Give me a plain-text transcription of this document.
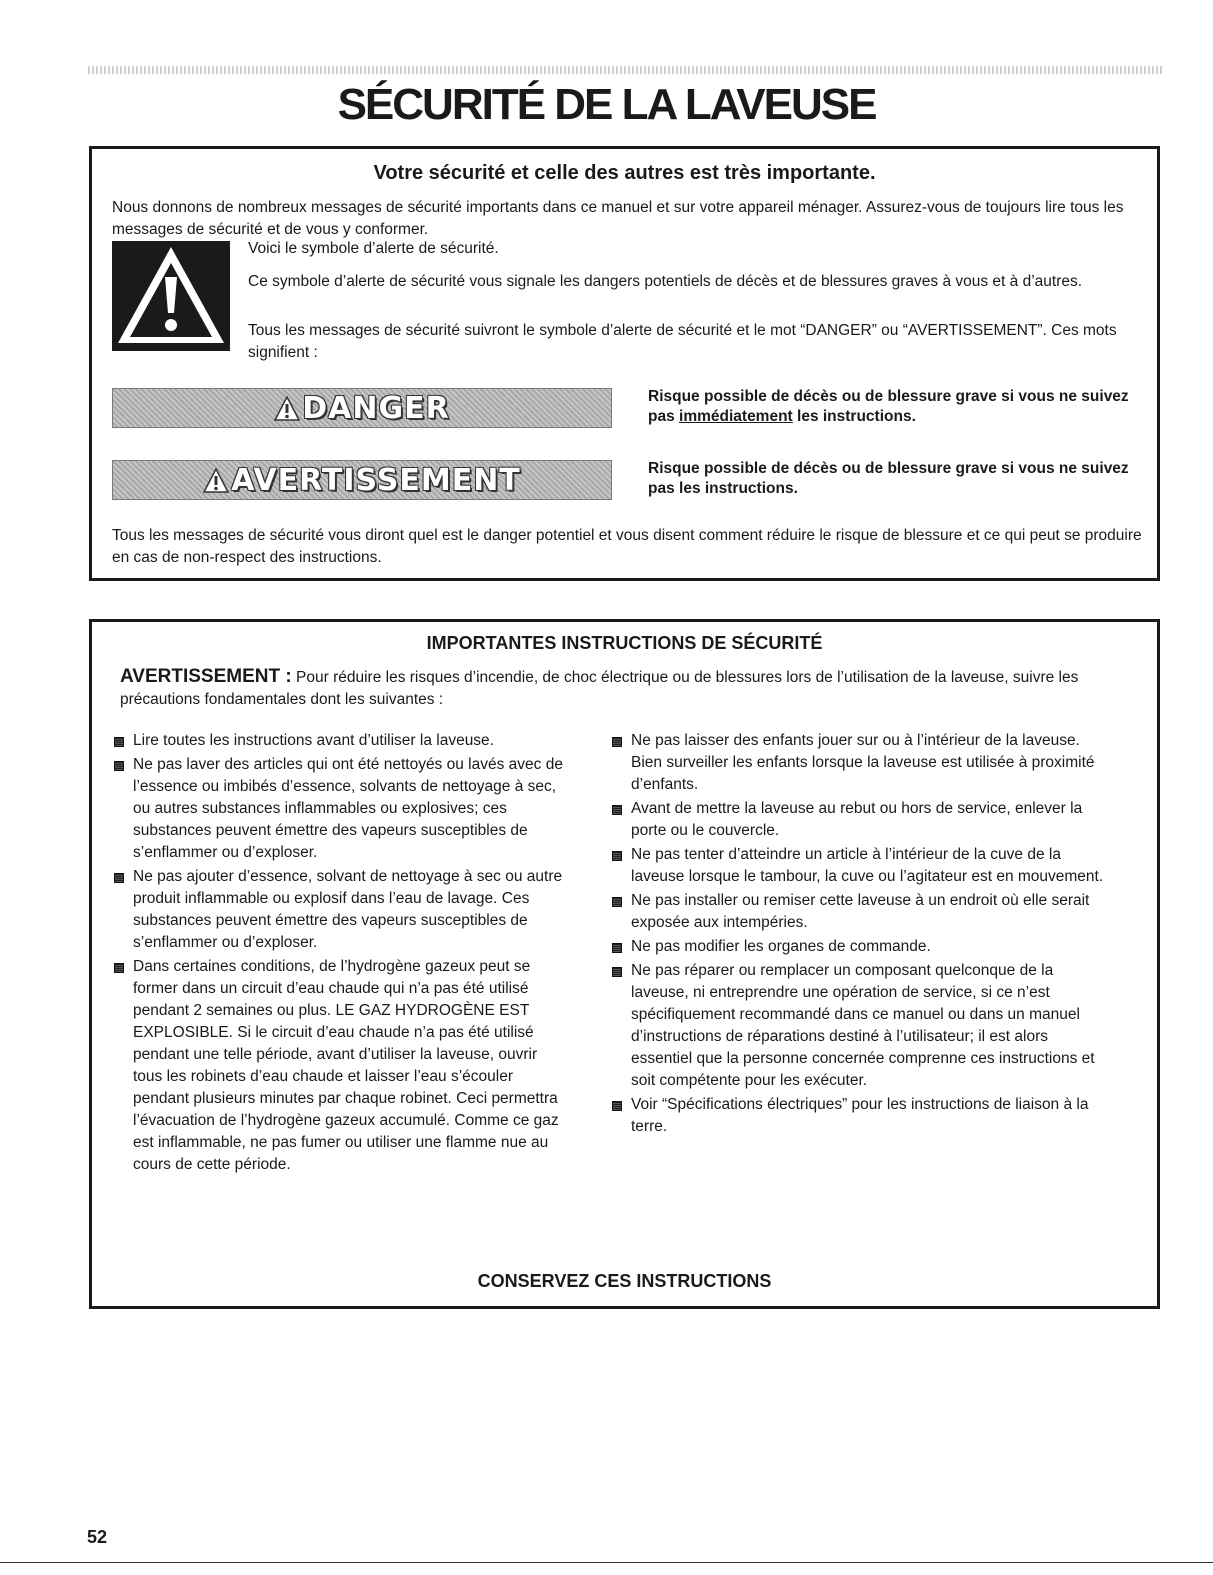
SÉCURITÉ DE LA LAVEUSE
Votre sécurité et celle des autres est très importante.

Nous donnons de nombreux messages de sécurité importants dans ce manuel et sur votre appareil ménager. Assurez-vous de toujours lire tous les messages de sécurité et de vous y conformer.

Voici le symbole d’alerte de sécurité.

Ce symbole d’alerte de sécurité vous signale les dangers potentiels de décès et de blessures graves à vous et à d’autres.

Tous les messages de sécurité suivront le symbole d’alerte de sécurité et le mot “DANGER” ou “AVERTISSEMENT”. Ces mots signifient :

DANGER	Risque possible de décès ou de blessure grave si vous ne suivez pas immédiatement les instructions.

AVERTISSEMENT	Risque possible de décès ou de blessure grave si vous ne suivez pas les instructions.

Tous les messages de sécurité vous diront quel est le danger potentiel et vous disent comment réduire le risque de blessure et ce qui peut se produire en cas de non-respect des instructions.

IMPORTANTES INSTRUCTIONS DE SÉCURITÉ

AVERTISSEMENT : Pour réduire les risques d’incendie, de choc électrique ou de blessures lors de l’utilisation de la laveuse, suivre les précautions fondamentales dont les suivantes :

Lire toutes les instructions avant d’utiliser la laveuse.
Ne pas laver des articles qui ont été nettoyés ou lavés avec de l’essence ou imbibés d’essence, solvants de nettoyage à sec, ou autres substances inflammables ou explosives; ces substances peuvent émettre des vapeurs susceptibles de s’enflammer ou d’exploser.
Ne pas ajouter d’essence, solvant de nettoyage à sec ou autre produit inflammable ou explosif dans l’eau de lavage. Ces substances peuvent émettre des vapeurs susceptibles de s’enflammer ou d’exploser.
Dans certaines conditions, de l’hydrogène gazeux peut se former dans un circuit d’eau chaude qui n’a pas été utilisé pendant 2 semaines ou plus. LE GAZ HYDROGÈNE EST EXPLOSIBLE. Si le circuit d’eau chaude n’a pas été utilisé pendant une telle période, avant d’utiliser la laveuse, ouvrir tous les robinets d’eau chaude et laisser l’eau s’écouler pendant plusieurs minutes par chaque robinet. Ceci permettra l’évacuation de l’hydrogène gazeux accumulé. Comme ce gaz est inflammable, ne pas fumer ou utiliser une flamme nue au cours de cette période.
Ne pas laisser des enfants jouer sur ou à l’intérieur de la laveuse. Bien surveiller les enfants lorsque la laveuse est utilisée à proximité d’enfants.
Avant de mettre la laveuse au rebut ou hors de service, enlever la porte ou le couvercle.
Ne pas tenter d’atteindre un article à l’intérieur de la cuve de la laveuse lorsque le tambour, la cuve ou l’agitateur est en mouvement.
Ne pas installer ou remiser cette laveuse à un endroit où elle serait exposée aux intempéries.
Ne pas modifier les organes de commande.
Ne pas réparer ou remplacer un composant quelconque de la laveuse, ni entreprendre une opération de service, si ce n’est spécifiquement recommandé dans ce manuel ou dans un manuel d’instructions de réparations destiné à l’utilisateur; il est alors essentiel que la personne concernée comprenne ces instructions et soit compétente pour les exécuter.
Voir “Spécifications électriques” pour les instructions de liaison à la terre.
CONSERVEZ CES INSTRUCTIONS

52
